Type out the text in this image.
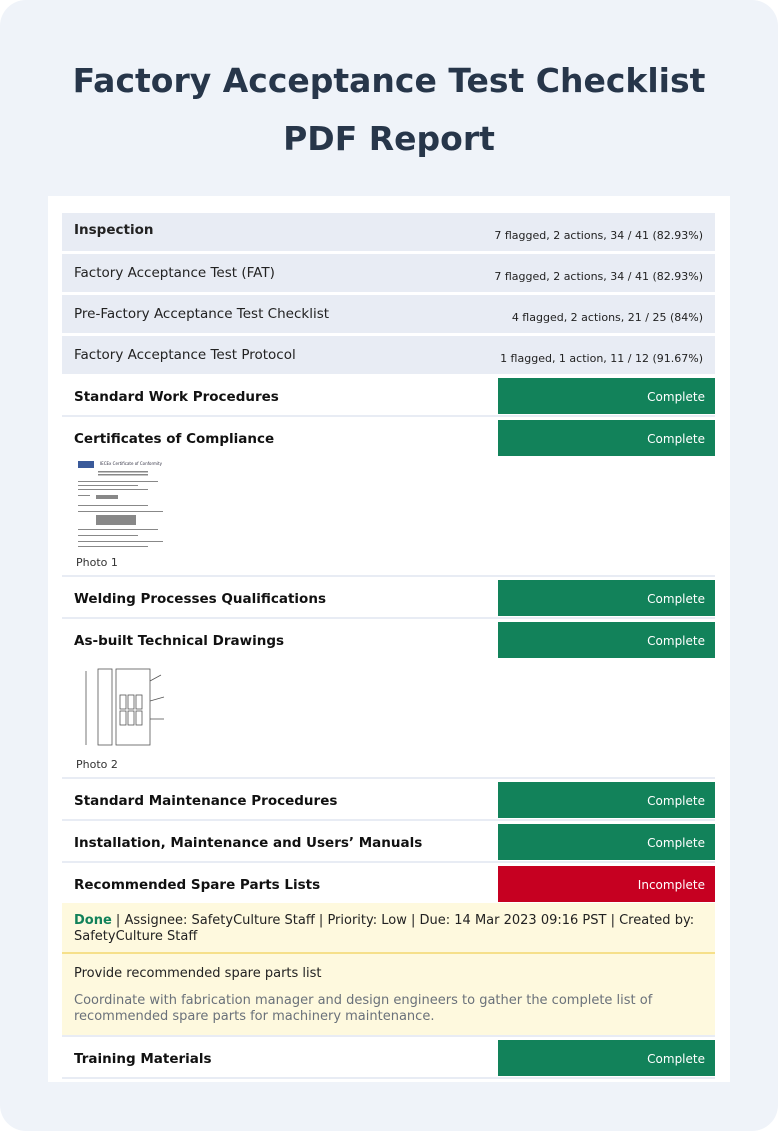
Factory Acceptance Test Checklist
PDF Report
Inspection	7 flagged, 2 actions, 34 / 41 (82.93%)
Factory Acceptance Test (FAT)	7 flagged, 2 actions, 34 / 41 (82.93%)
Pre-Factory Acceptance Test Checklist	4 flagged, 2 actions, 21 / 25 (84%)
Factory Acceptance Test Protocol	1 flagged, 1 action, 11 / 12 (91.67%)
Standard Work Procedures	Complete
Certificates of Compliance	Complete
IECEx Certificate of Conformity
Photo 1
Welding Processes Qualifications	Complete
As-built Technical Drawings	Complete
Photo 2
Standard Maintenance Procedures	Complete
Installation, Maintenance and Users’ Manuals	Complete
Recommended Spare Parts Lists	Incomplete
Done | Assignee: SafetyCulture Staff | Priority: Low | Due: 14 Mar 2023 09:16 PST | Created by: SafetyCulture Staff
Provide recommended spare parts list
Coordinate with fabrication manager and design engineers to gather the complete list of recommended spare parts for machinery maintenance.
Training Materials	Complete
